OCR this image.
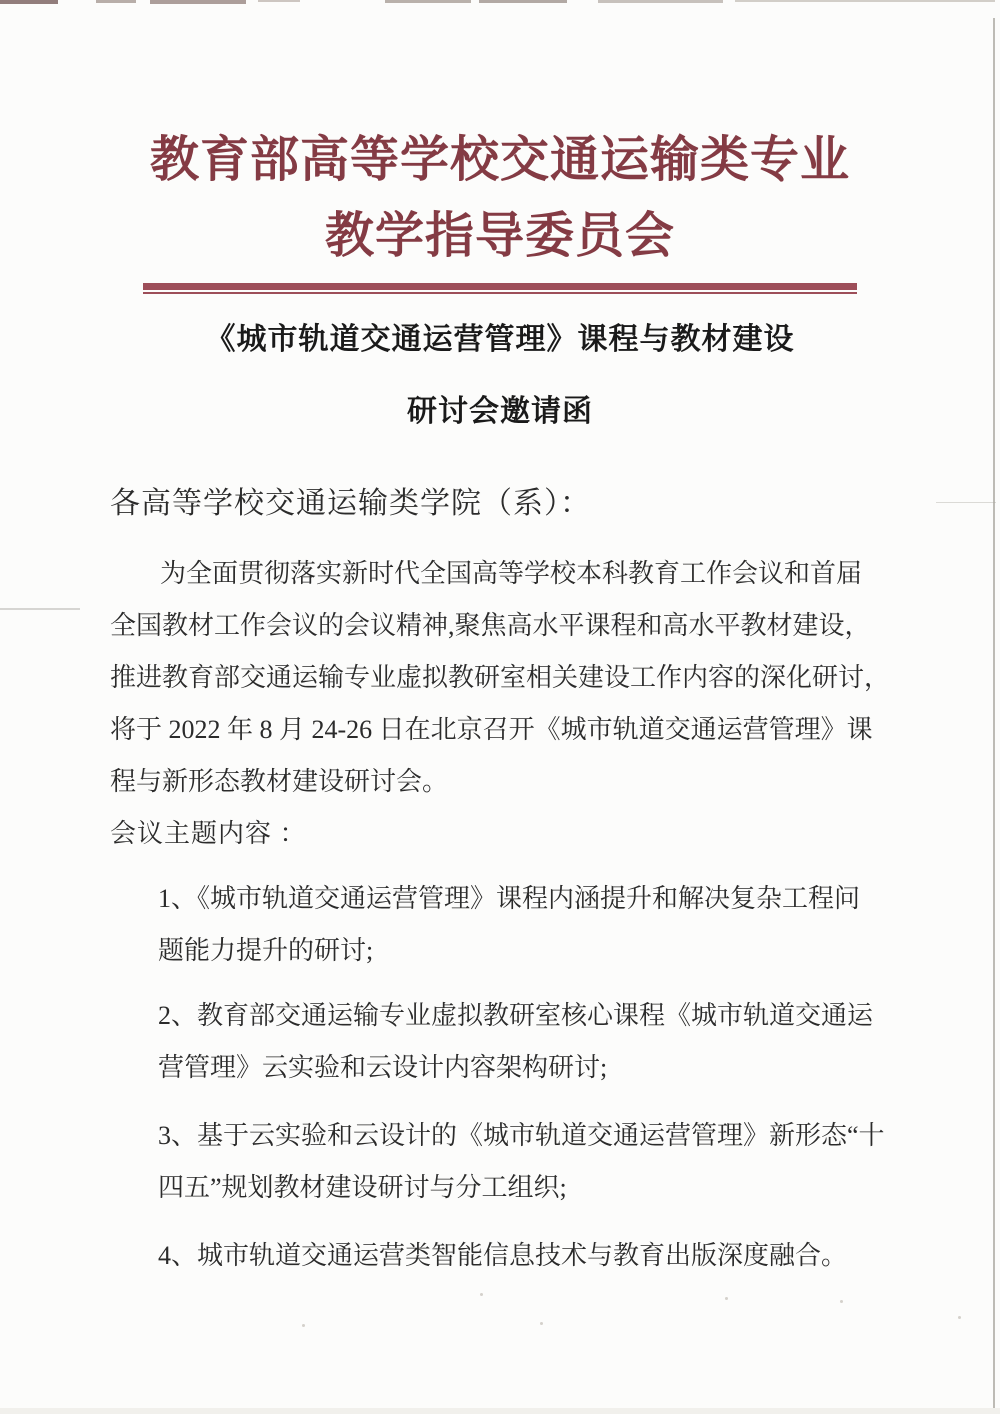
教育部高等学校交通运输类专业
教学指导委员会
《城市轨道交通运营管理》课程与教材建设
研讨会邀请函

各高等学校交通运输类学院（系）：

为全面贯彻落实新时代全国高等学校本科教育工作会议和首届

全国教材工作会议的会议精神,聚焦高水平课程和高水平教材建设，

推进教育部交通运输专业虚拟教研室相关建设工作内容的深化研讨，

将于 2022 年 8 月 24-26 日在北京召开《城市轨道交通运营管理》课

程与新形态教材建设研讨会。

会议主题内容 ：

1、《城市轨道交通运营管理》课程内涵提升和解决复杂工程问

题能力提升的研讨;

2、教育部交通运输专业虚拟教研室核心课程《城市轨道交通运

营管理》云实验和云设计内容架构研讨;

3、基于云实验和云设计的《城市轨道交通运营管理》新形态“十

四五”规划教材建设研讨与分工组织;

4、城市轨道交通运营类智能信息技术与教育出版深度融合。
